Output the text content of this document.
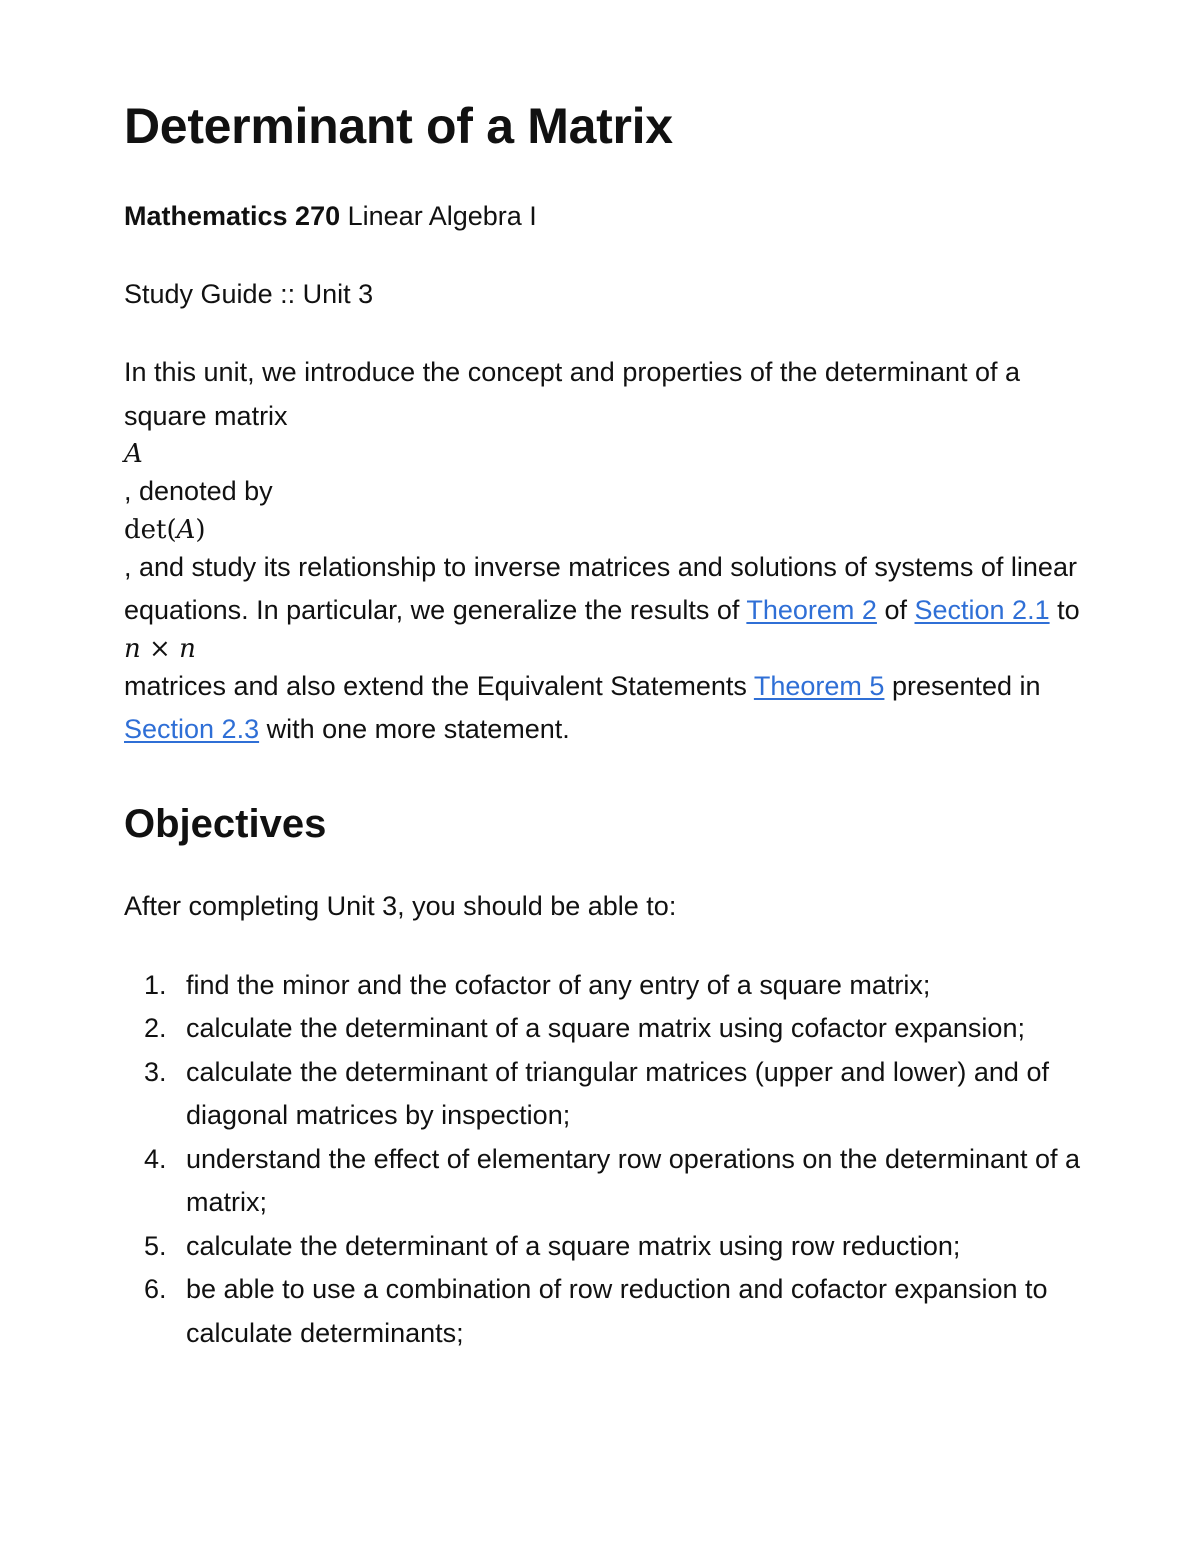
Determinant of a Matrix
Mathematics 270 Linear Algebra I
Study Guide :: Unit 3
In this unit, we introduce the concept and properties of the determinant of a square matrix
A
, denoted by
det(A)
, and study its relationship to inverse matrices and solutions of systems of linear equations. In particular, we generalize the results of Theorem 2 of Section 2.1 to
n × n
matrices and also extend the Equivalent Statements Theorem 5 presented in Section 2.3 with one more statement.
Objectives
After completing Unit 3, you should be able to:
1. find the minor and the cofactor of any entry of a square matrix;
2. calculate the determinant of a square matrix using cofactor expansion;
3. calculate the determinant of triangular matrices (upper and lower) and of diagonal matrices by inspection;
4. understand the effect of elementary row operations on the determinant of a matrix;
5. calculate the determinant of a square matrix using row reduction;
6. be able to use a combination of row reduction and cofactor expansion to calculate determinants;
